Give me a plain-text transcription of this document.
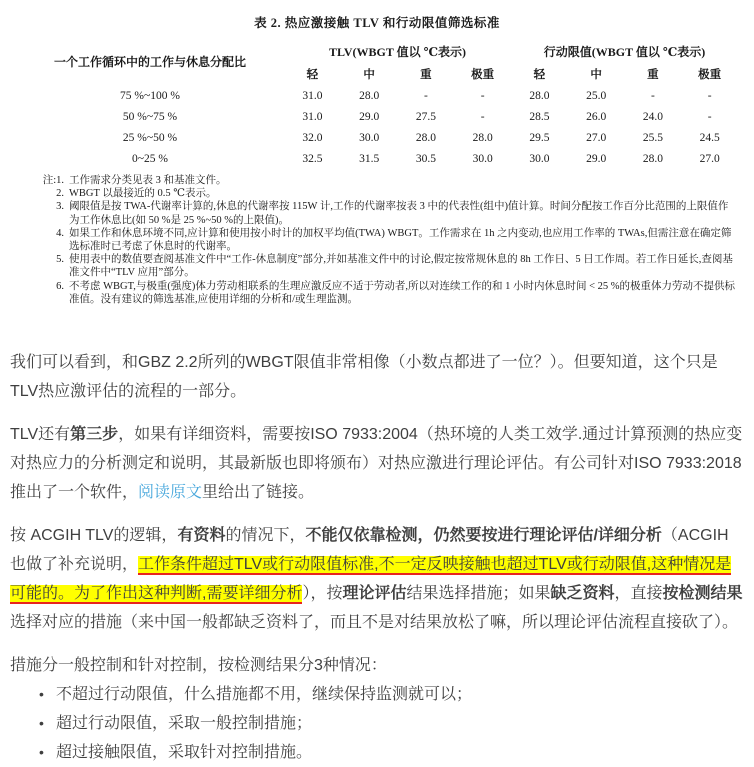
表 2. 热应激接触 TLV 和行动限值筛选标准
一个工作循环中的工作与休息分配比
TLV(WBGT 值以 ℃表示)	行动限值(WBGT 值以 ℃表示)
轻	中	重	极重	轻	中	重	极重
75 %~100 %	31.0	28.0	-	-	28.0	25.0	-	-
50 %~75 %	31.0	29.0	27.5	-	28.5	26.0	24.0	-
25 %~50 %	32.0	30.0	28.0	28.0	29.5	27.0	25.5	24.5
0~25 %	32.5	31.5	30.5	30.0	30.0	29.0	28.0	27.0
注:1. 工作需求分类见表 3 和基准文件。
2. WBGT 以最接近的 0.5 ℃表示。
3. 阈限值是按 TWA-代谢率计算的,休息的代谢率按 115W 计,工作的代谢率按表 3 中的代表性(组中)值计算。时间分配按工作百分比范围的上限值作为工作休息比(如 50 %是 25 %~50 %的上限值)。
4. 如果工作和休息环境不同,应计算和使用按小时计的加权平均值(TWA) WBGT。工作需求在 1h 之内变动,也应用工作率的 TWAs,但需注意在确定筛选标准时已考虑了休息时的代谢率。
5. 使用表中的数值要查阅基准文件中“工作-休息制度”部分,并如基准文件中的讨论,假定按常规休息的 8h 工作日、5 日工作周。若工作日延长,查阅基准文件中“TLV 应用”部分。
6. 不考虑 WBGT,与极重(强度)体力劳动相联系的生理应激反应不适于劳动者,所以对连续工作的和 1 小时内休息时间 < 25 %的极重体力劳动不提供标准值。没有建议的筛选基准,应使用详细的分析和/或生理监测。
我们可以看到，和GBZ 2.2所列的WBGT限值非常相像（小数点都进了一位？）。但要知道，这个只是TLV热应激评估的流程的一部分。
TLV还有第三步，如果有详细资料，需要按ISO 7933:2004（热环境的人类工效学.通过计算预测的热应变对热应力的分析测定和说明，其最新版也即将颁布）对热应激进行理论评估。有公司针对ISO 7933:2018推出了一个软件，阅读原文里给出了链接。
按 ACGIH TLV的逻辑，有资料的情况下，不能仅依靠检测，仍然要按进行理论评估/详细分析（ACGIH也做了补充说明，工作条件超过TLV或行动限值标准,不一定反映接触也超过TLV或行动限值,这种情况是可能的。为了作出这种判断,需要详细分析），按理论评估结果选择措施；如果缺乏资料，直接按检测结果选择对应的措施（来中国一般都缺乏资料了，而且不是对结果放松了嘛，所以理论评估流程直接砍了）。
措施分一般控制和针对控制，按检测结果分3种情况：
• 不超过行动限值，什么措施都不用，继续保持监测就可以；
• 超过行动限值，采取一般控制措施；
• 超过接触限值，采取针对控制措施。
